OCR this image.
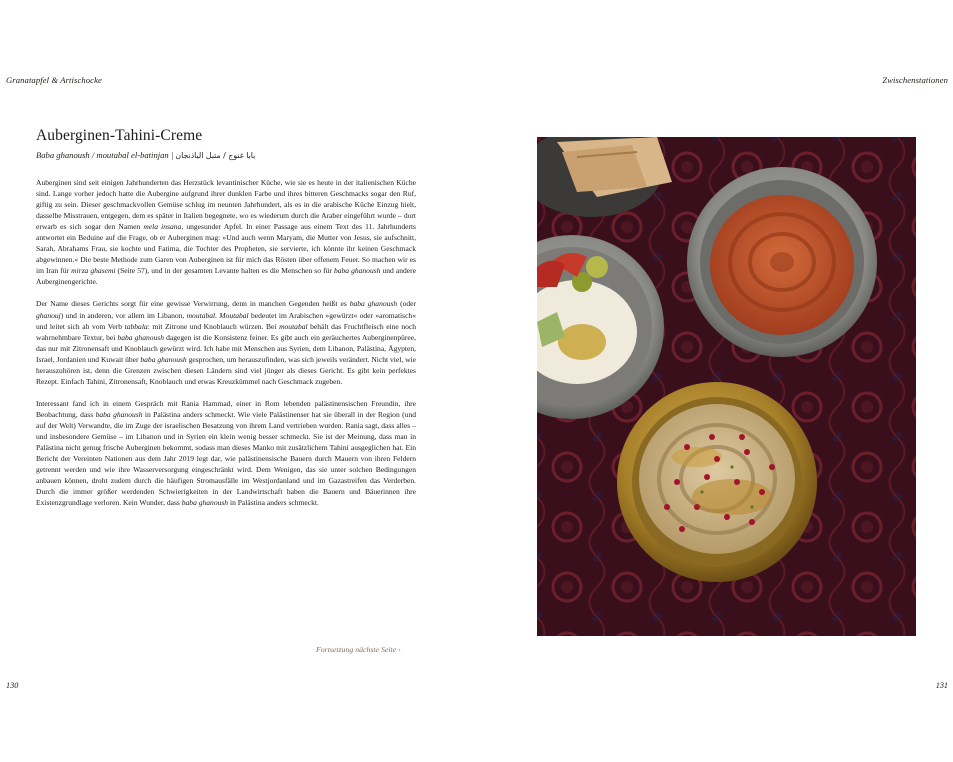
Granatapfel & Artischocke	Zwischenstationen
Auberginen-Tahini-Creme
Baba ghanoush / moutabal el-batinjan | بابا غنوج / متبل الباذنجان

Auberginen sind seit einigen Jahrhunderten das Herzstück levantinischer Küche, wie sie es heute in der italienischen Küche sind. Lange vorher jedoch hatte die Aubergine aufgrund ihrer dunklen Farbe und ihres bitteren Geschmacks sogar den Ruf, giftig zu sein. Dieser geschmackvollen Gemüse schlug im neunten Jahrhundert, als es in die arabische Küche Einzug hielt, dasselbe Misstrauen, entgegen, dem es später in Italien begegnete, wo es wiederum durch die Araber eingeführt wurde – dort erwarb es sich sogar den Namen mela insana, ungesunder Apfel. In einer Passage aus einem Text des 11. Jahrhunderts antwortet ein Beduine auf die Frage, ob er Auberginen mag: »Und auch wenn Maryam, die Mutter von Jesus, sie aufschnitt, Sarah, Abrahams Frau, sie kochte und Fatima, die Tochter des Propheten, sie servierte, ich könnte ihr keinen Geschmack abgewinnen.« Die beste Methode zum Garen von Auberginen ist für mich das Rösten über offenem Feuer. So machen wir es im Iran für mirza ghasemi (Seite 57), und in der gesamten Levante halten es die Menschen so für baba ghanoush und andere Auberginengerichte.

Der Name dieses Gerichts sorgt für eine gewisse Verwirrung, denn in manchen Gegenden heißt es baba ghanoush (oder ghanouj) und in anderen, vor allem im Libanon, moutabal. Moutabal bedeutet im Arabischen »gewürzt« oder »aromatisch« und leitet sich ab vom Verb tabbala: mit Zitrone und Knoblauch würzen. Bei moutabal behält das Fruchtfleisch eine noch wahrnehmbare Textur, bei baba ghanoush dagegen ist die Konsistenz feiner. Es gibt auch ein geräuchertes Auberginenpüree, das nur mit Zitronensaft und Knoblauch gewürzt wird. Ich habe mit Menschen aus Syrien, dem Libanon, Palästina, Ägypten, Israel, Jordanien und Kuwait über baba ghanoush gesprochen, um herauszufinden, was sich jeweils verändert. Nicht viel, wie herauszuhören ist, denn die Grenzen zwischen diesen Ländern sind viel jünger als dieses Gericht. Es gibt kein perfektes Rezept. Einfach Tahini, Zitronensaft, Knoblauch und etwas Kreuzkümmel nach Geschmack zugeben.

Interessant fand ich in einem Gespräch mit Rania Hammad, einer in Rom lebenden palästinensischen Freundin, ihre Beobachtung, dass baba ghanoush in Palästina anders schmeckt. Wie viele Palästinenser hat sie überall in der Region (und auf der Welt) Verwandte, die im Zuge der israelischen Besatzung von ihrem Land vertrieben wurden. Rania sagt, dass alles – und insbesondere Gemüse – im Libanon und in Syrien ein klein wenig besser schmeckt. Sie ist der Meinung, dass man in Palästina nicht genug frische Auberginen bekommt, sodass man dieses Manko mit zusätzlichem Tahini ausgeglichen hat. Ein Bericht der Vereinten Nationen aus dem Jahr 2019 legt dar, wie palästinensische Bauern durch Mauern von ihren Feldern getrennt werden und wie ihre Wasserversorgung eingeschränkt wird. Dem Wenigen, das sie unter solchen Bedingungen anbauen können, droht zudem durch die häufigen Stromausfälle im Westjordanland und im Gazastreifen das Verderben. Durch die immer größer werdenden Schwierigkeiten in der Landwirtschaft haben die Bauern und Bäuerinnen ihre Existenzgrundlage verloren. Kein Wunder, dass baba ghanoush in Palästina anders schmeckt.

Fortsetzung nächste Seite ›
130	131
